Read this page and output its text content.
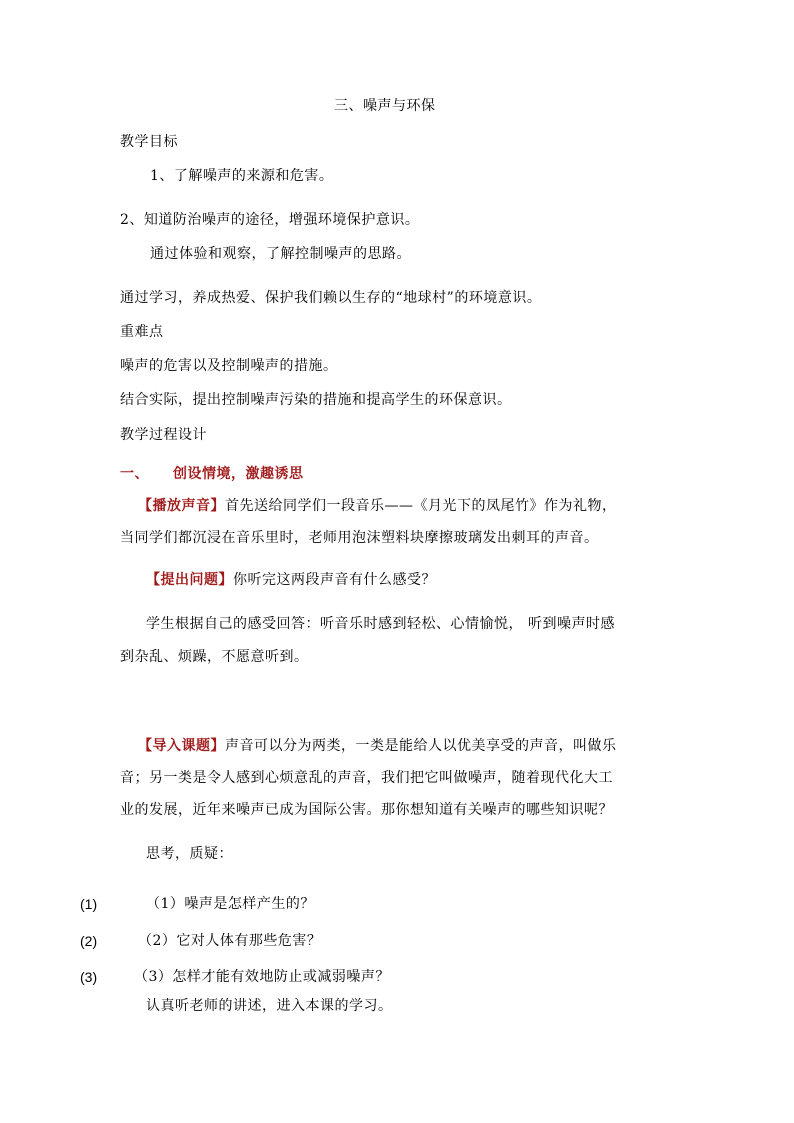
三、噪声与环保
教学目标
1、了解噪声的来源和危害。
2、知道防治噪声的途径，增强环境保护意识。
通过体验和观察，了解控制噪声的思路。
通过学习，养成热爱、保护我们赖以生存的“地球村”的环境意识。
重难点
噪声的危害以及控制噪声的措施。
结合实际，提出控制噪声污染的措施和提高学生的环保意识。
教学过程设计
一、 创设情境，激趣诱思
【播放声音】首先送给同学们一段音乐——《月光下的凤尾竹》作为礼物，
当同学们都沉浸在音乐里时，老师用泡沫塑料块摩擦玻璃发出刺耳的声音。
【提出问题】你听完这两段声音有什么感受？
学生根据自己的感受回答：听音乐时感到轻松、心情愉悦， 听到噪声时感
到杂乱、烦躁，不愿意听到。
【导入课题】声音可以分为两类，一类是能给人以优美享受的声音，叫做乐
音；另一类是令人感到心烦意乱的声音，我们把它叫做噪声，随着现代化大工
业的发展，近年来噪声已成为国际公害。那你想知道有关噪声的哪些知识呢？
思考，质疑：
(1)	（1）噪声是怎样产生的？
(2)	（2）它对人体有那些危害？
(3)	（3）怎样才能有效地防止或减弱噪声？
认真听老师的讲述，进入本课的学习。
